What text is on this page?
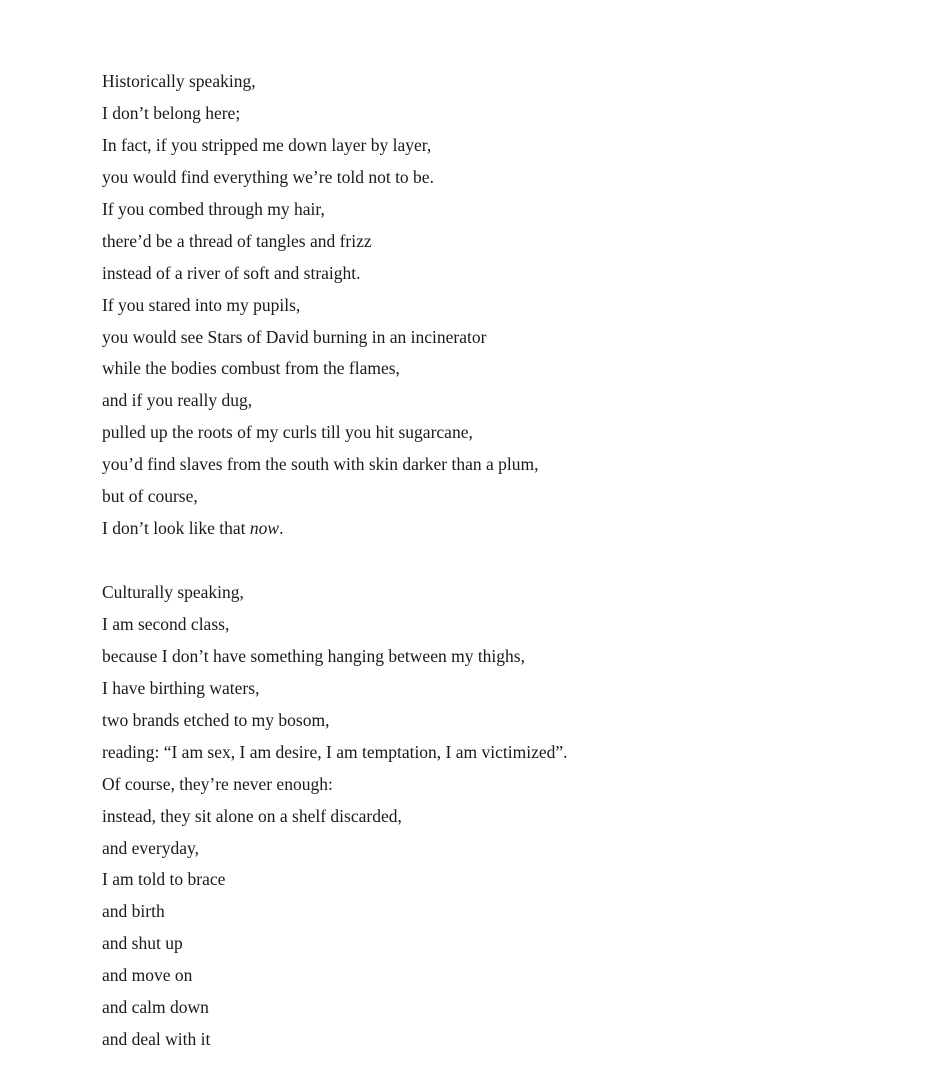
Historically speaking,
I don’t belong here;
In fact, if you stripped me down layer by layer,
you would find everything we’re told not to be.
If you combed through my hair,
there’d be a thread of tangles and frizz
instead of a river of soft and straight.
If you stared into my pupils,
you would see Stars of David burning in an incinerator
while the bodies combust from the flames,
and if you really dug,
pulled up the roots of my curls till you hit sugarcane,
you’d find slaves from the south with skin darker than a plum,
but of course,
I don’t look like that now.
Culturally speaking,
I am second class,
because I don’t have something hanging between my thighs,
I have birthing waters,
two brands etched to my bosom,
reading: “I am sex, I am desire, I am temptation, I am victimized”.
Of course, they’re never enough:
instead, they sit alone on a shelf discarded,
and everyday,
I am told to brace
and birth
and shut up
and move on
and calm down
and deal with it
